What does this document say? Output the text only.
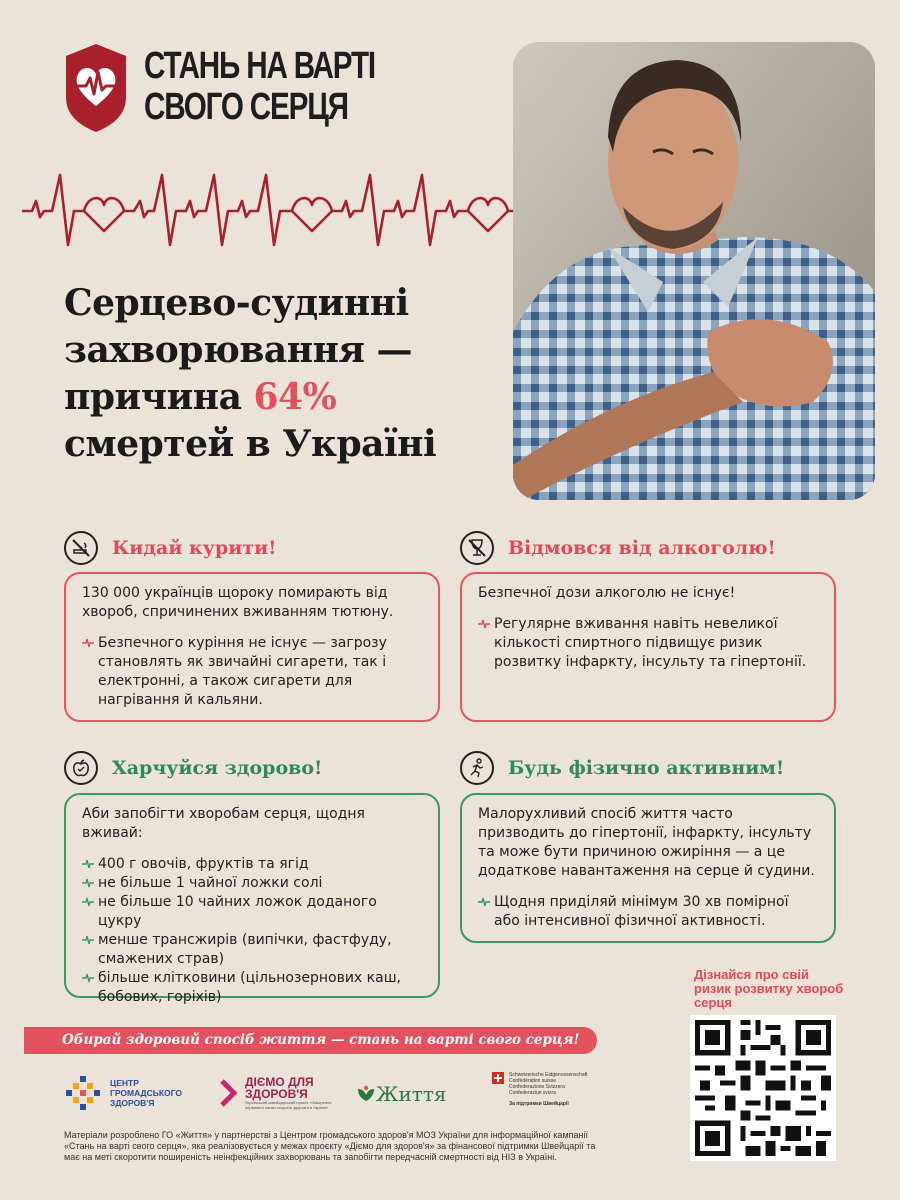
СТАНЬ НА ВАРТІ
СВОГО СЕРЦЯ
Серцево-судинні
захворювання —
причина 64%
смертей в Україні
Кидай курити!

130 000 українців щороку помирають від хвороб, спричинених вживанням тютюну.

Безпечного куріння не існує — загрозу становлять як звичайні сигарети, так і електронні, а також сигарети для нагрівання й кальяни.
Відмовся від алкоголю!

Безпечної дози алкоголю не існує!

Регулярне вживання навіть невеликої кількості спиртного підвищує ризик розвитку інфаркту, інсульту та гіпертонії.
Харчуйся здорово!

Аби запобігти хворобам серця, щодня вживай:

400 г овочів, фруктів та ягід
не більше 1 чайної ложки солі
не більше 10 чайних ложок доданого цукру
менше трансжирів (випічки, фастфуду, смажених страв)
більше клітковини (цільнозернових каш, бобових, горіхів)
Будь фізично активним!

Малорухливий спосіб життя часто призводить до гіпертонії, інфаркту, інсульту та може бути причиною ожиріння — а це додаткове навантаження на серце й судини.

Щодня приділяй мінімум 30 хв помірної або інтенсивної фізичної активності.
Обирай здоровий спосіб життя — стань на варті свого серця!
Дізнайся про свій ризик розвитку хвороб серця
ЦЕНТР
ГРОМАДСЬКОГО
ЗДОРОВ'Я
ДІЄМО ДЛЯ
ЗДОРОВ'Я
Український-швейцарський проєкт «Зміцнення первинної ланки охорони здоров'я в Україні»
Життя
Schweizerische Eidgenossenschaft
Confédération suisse
Confederazione Svizzera
Confederaziun svizra
За підтримки Швейцарії
Матеріали розроблено ГО «Життя» у партнерстві з Центром громадського здоров'я МОЗ України для інформаційної кампанії «Стань на варті свого серця», яка реалізовується у межах проєкту «Діємо для здоров'я» за фінансової підтримки Швейцарії та має на меті скоротити поширеність неінфекційних захворювань та запобігти передчасній смертності від НІЗ в Україні.
